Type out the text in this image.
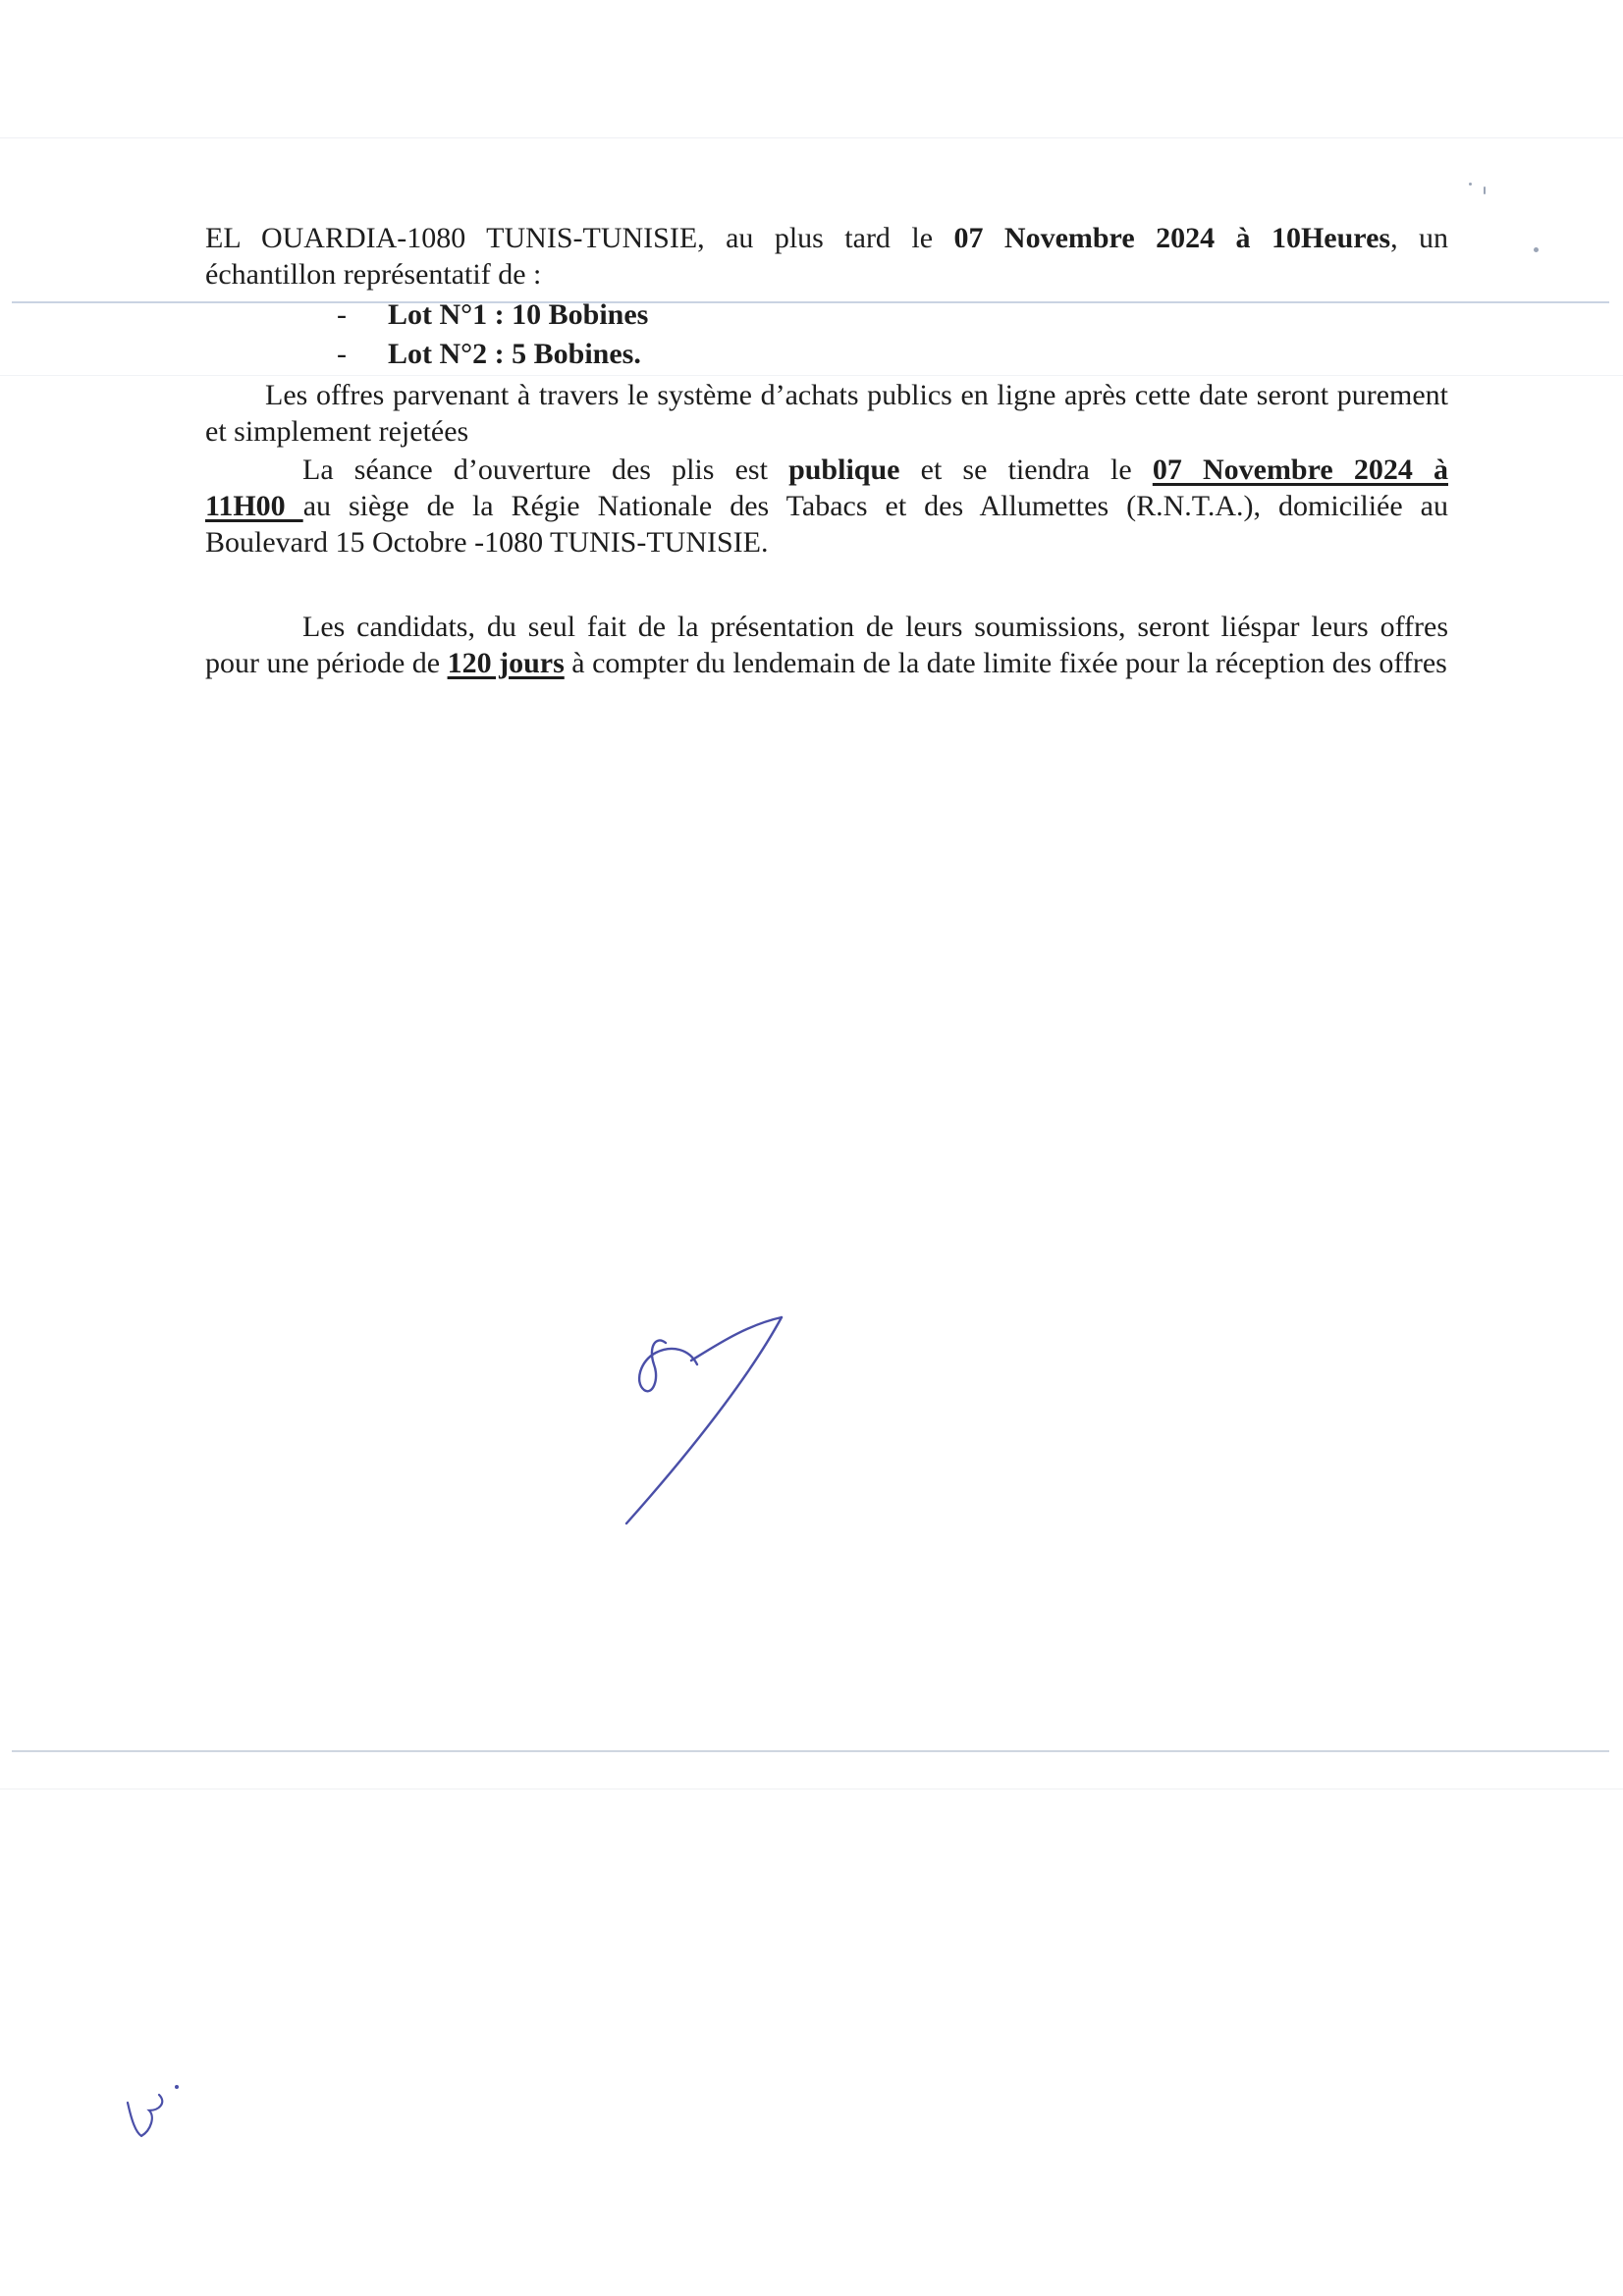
EL OUARDIA-1080 TUNIS-TUNISIE, au plus tard le 07 Novembre 2024 à 10Heures, un

échantillon représentatif de :

- Lot N°1 : 10 Bobines
- Lot N°2 : 5 Bobines.

Les offres parvenant à travers le système d’achats publics en ligne après cette date seront purement et simplement rejetées

La séance d’ouverture des plis est publique et se tiendra le 07 Novembre 2024 à

11H00 au siège de la Régie Nationale des Tabacs et des Allumettes (R.N.T.A.), domiciliée au

Boulevard 15 Octobre -1080 TUNIS-TUNISIE.

Les candidats, du seul fait de la présentation de leurs soumissions, seront liéspar leurs offres pour une période de 120 jours à compter du lendemain de la date limite fixée pour la réception des offres
